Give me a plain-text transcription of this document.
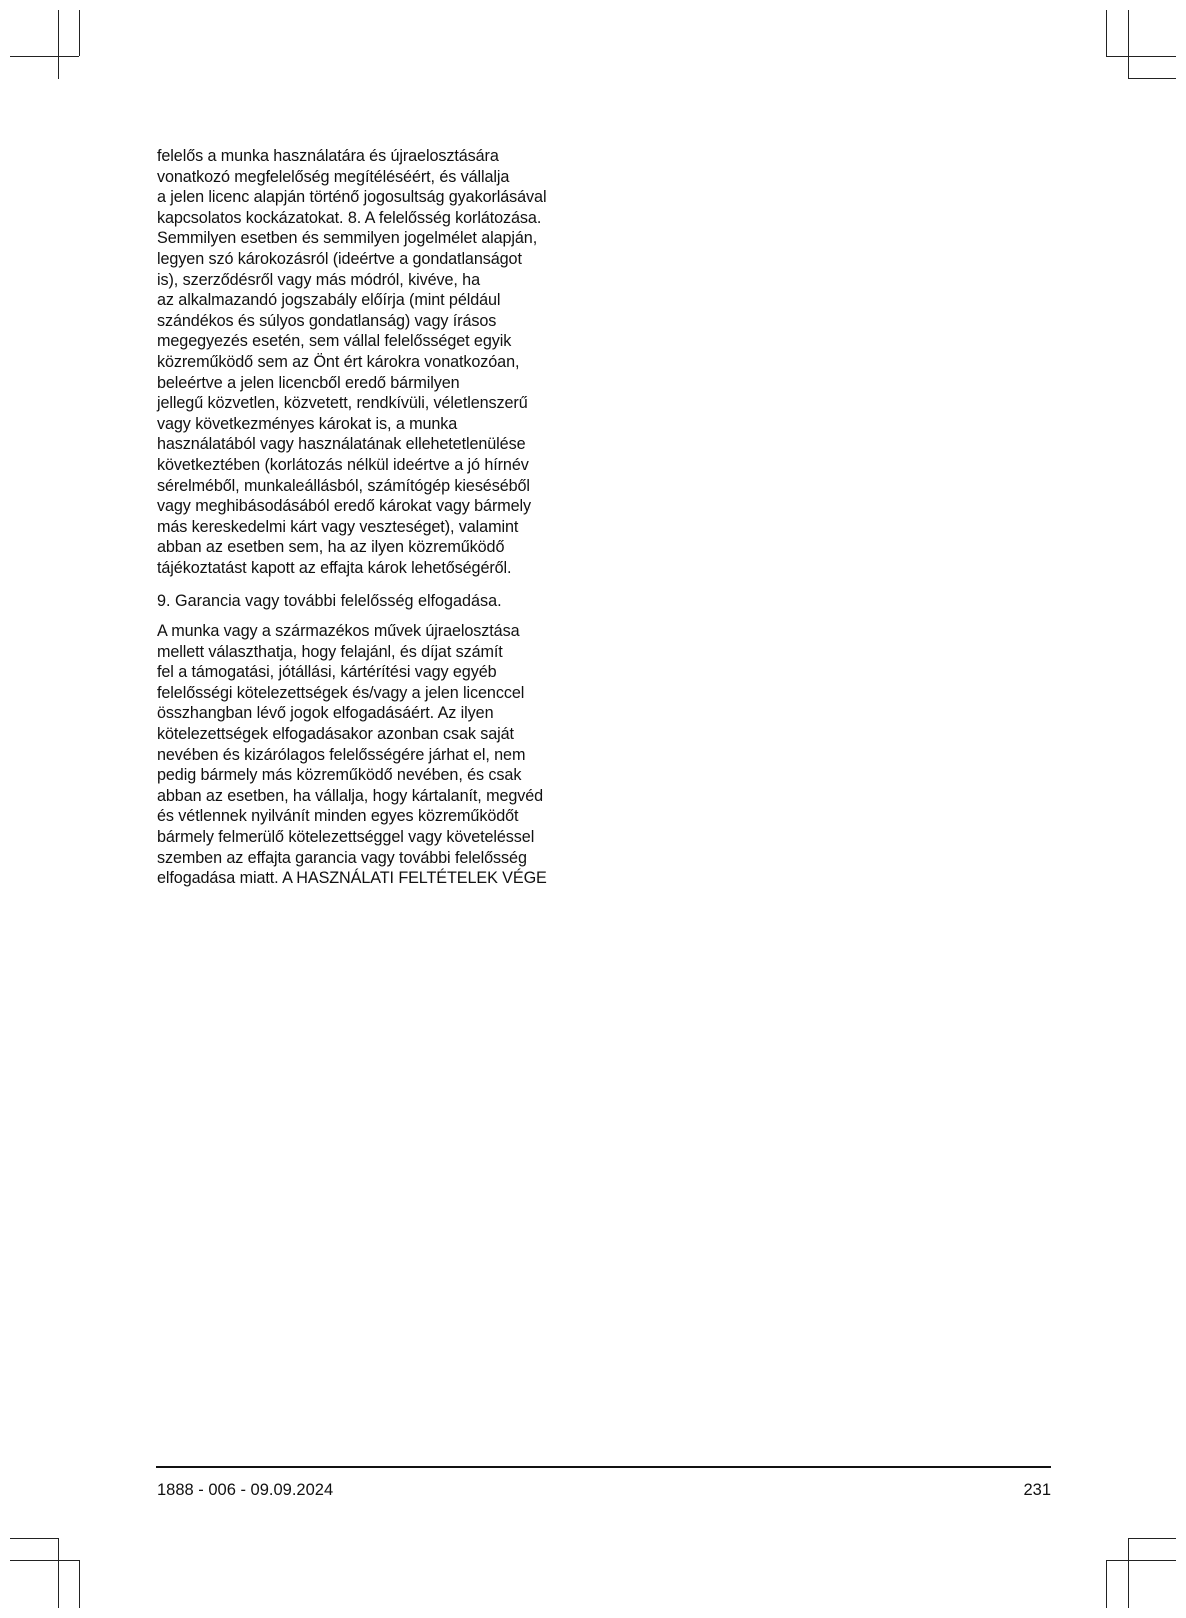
felelős a munka használatára és újraelosztására
vonatkozó megfelelőség megítéléséért, és vállalja
a jelen licenc alapján történő jogosultság gyakorlásával
kapcsolatos kockázatokat. 8. A felelősség korlátozása.
Semmilyen esetben és semmilyen jogelmélet alapján,
legyen szó károkozásról (ideértve a gondatlanságot
is), szerződésről vagy más módról, kivéve, ha
az alkalmazandó jogszabály előírja (mint például
szándékos és súlyos gondatlanság) vagy írásos
megegyezés esetén, sem vállal felelősséget egyik
közreműködő sem az Önt ért károkra vonatkozóan,
beleértve a jelen licencből eredő bármilyen
jellegű közvetlen, közvetett, rendkívüli, véletlenszerű
vagy következményes károkat is, a munka
használatából vagy használatának ellehetetlenülése
következtében (korlátozás nélkül ideértve a jó hírnév
sérelméből, munkaleállásból, számítógép kieséséből
vagy meghibásodásából eredő károkat vagy bármely
más kereskedelmi kárt vagy veszteséget), valamint
abban az esetben sem, ha az ilyen közreműködő
tájékoztatást kapott az effajta károk lehetőségéről.
9. Garancia vagy további felelősség elfogadása.
A munka vagy a származékos művek újraelosztása
mellett választhatja, hogy felajánl, és díjat számít
fel a támogatási, jótállási, kártérítési vagy egyéb
felelősségi kötelezettségek és/vagy a jelen licenccel
összhangban lévő jogok elfogadásáért. Az ilyen
kötelezettségek elfogadásakor azonban csak saját
nevében és kizárólagos felelősségére járhat el, nem
pedig bármely más közreműködő nevében, és csak
abban az esetben, ha vállalja, hogy kártalanít, megvéd
és vétlennek nyilvánít minden egyes közreműködőt
bármely felmerülő kötelezettséggel vagy követeléssel
szemben az effajta garancia vagy további felelősség
elfogadása miatt. A HASZNÁLATI FELTÉTELEK VÉGE
1888 - 006 - 09.09.2024	231
